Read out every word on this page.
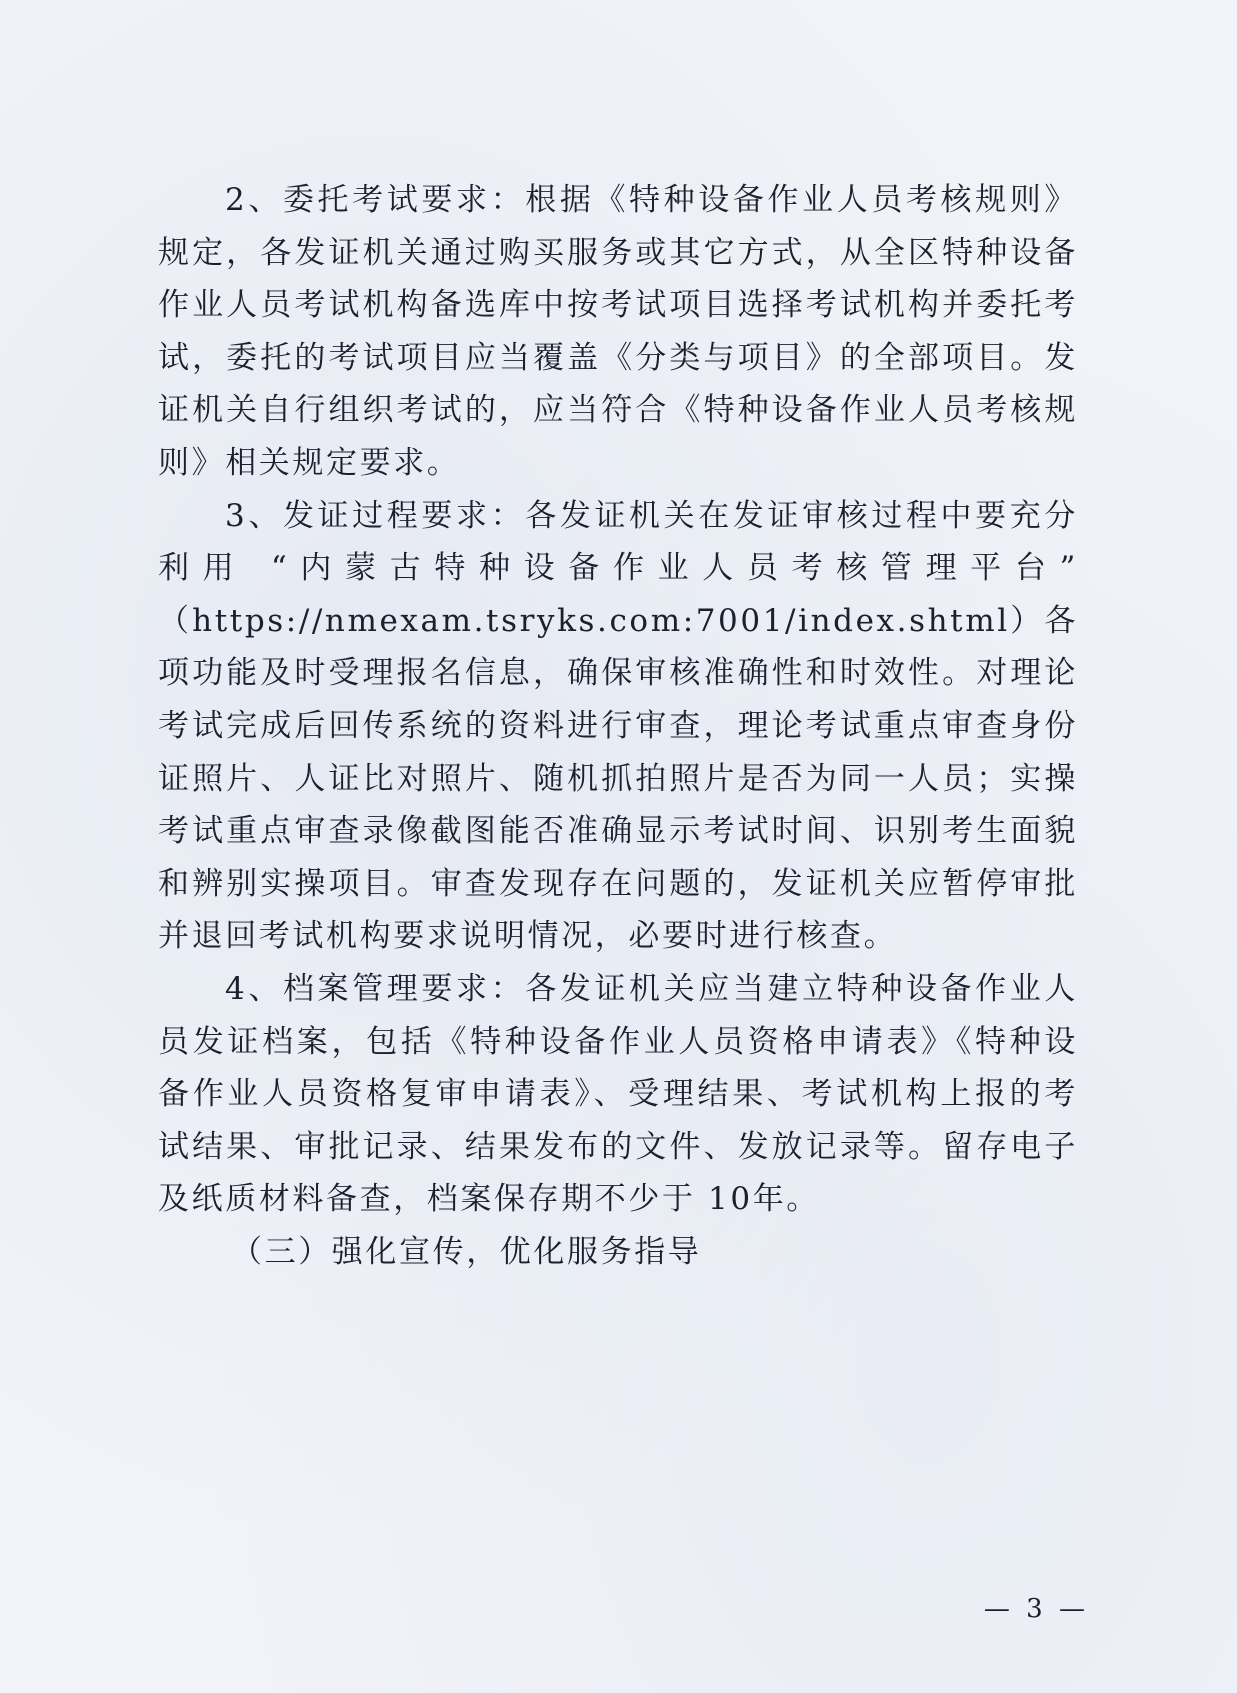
2、委托考试要求：根据《特种设备作业人员考核规则》规定，各发证机关通过购买服务或其它方式，从全区特种设备作业人员考试机构备选库中按考试项目选择考试机构并委托考试，委托的考试项目应当覆盖《分类与项目》的全部项目。发证机关自行组织考试的，应当符合《特种设备作业人员考核规则》相关规定要求。

3、发证过程要求：各发证机关在发证审核过程中要充分利用 “内蒙古特种设备作业人员考核管理平台” （https://nmexam.tsryks.com:7001/index.shtml）各项功能及时受理报名信息，确保审核准确性和时效性。对理论考试完成后回传系统的资料进行审查，理论考试重点审查身份证照片、人证比对照片、随机抓拍照片是否为同一人员；实操考试重点审查录像截图能否准确显示考试时间、识别考生面貌和辨别实操项目。审查发现存在问题的，发证机关应暂停审批并退回考试机构要求说明情况，必要时进行核查。

4、档案管理要求：各发证机关应当建立特种设备作业人员发证档案，包括《特种设备作业人员资格申请表》《特种设备作业人员资格复审申请表》、受理结果、考试机构上报的考试结果、审批记录、结果发布的文件、发放记录等。留存电子及纸质材料备查，档案保存期不少于 10年。

（三）强化宣传，优化服务指导

— 3 —
